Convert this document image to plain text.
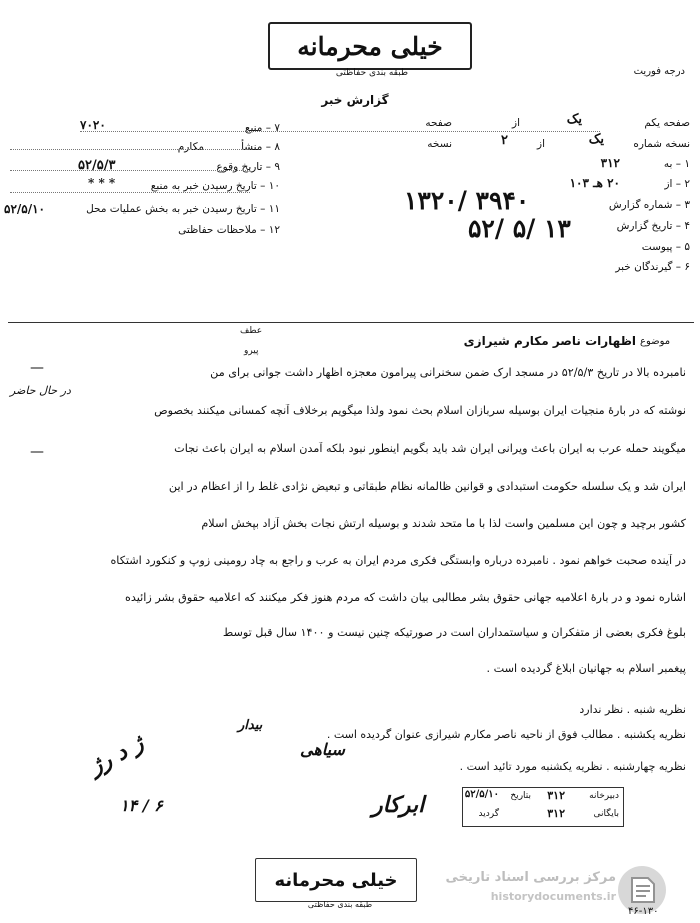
خیلی محرمانه
طبقه بندی حفاظتی	درجه فوریت
گزارش خبر
صفحه یکم
یک
از
صفحه
نسخه شماره
یک
از
۲
نسخه
۱ – به
۳۱۲
۲ – از
۲۰ هـ ۱۰۳
۳ – شماره گزارش
۴ – تاریخ گزارش
۵ – پیوست
۶ – گیرندگان خبر
۱۳۲۰/ ۳۹۴۰
۵۲/ ۵/ ۱۳
۷ – منبع
۷۰۲۰
۸ – منشأ
مکارم
۹ – تاریخ وقوع
۵۲/۵/۳
۱۰ – تاریخ رسیدن خبر به منبع
* * *
۱۱ – تاریخ رسیدن خبر به بخش عملیات محل
۵۲/۵/۱۰
۱۲ – ملاحظات حفاظتی
موضوع
اظهارات ناصر مکارم شیرازی
عطف
پیرو
در حال حاضر
—
—
نامبرده بالا در تاریخ ۵۲/۵/۳ در مسجد ارک ضمن سخنرانی پیرامون معجزه اظهار داشت جوانی برای من
نوشته که در بارهٔ منجیات ایران بوسیله سربازان اسلام بحث نمود ولذا میگویم برخلاف آنچه کمسانی میکنند بخصوص
میگویند حمله عرب به ایران باعث ویرانی ایران شد باید بگویم اینطور نبود بلکه آمدن اسلام به ایران باعث نجات
ایران شد و یک سلسله حکومت استبدادی و قوانین ظالمانه نظام طبقاتی و تبعیض نژادی غلط را از اعظام در این
کشور برچید و چون این مسلمین واست لذا با ما متحد شدند و بوسیله ارتش نجات بخش آزاد بپخش اسلام
در آینده صحبت خواهم نمود . نامبرده درباره وابستگی فکری مردم ایران به عرب و راجع به چاد رومینی زوپ و کنکورد اشتکاه
اشاره نمود و در بارهٔ اعلامیه جهانی حقوق بشر مطالبی بیان داشت که مردم هنوز فکر میکنند که اعلامیه حقوق بشر زائیده
بلوغ فکری بعضی از متفکران و سیاستمداران است در صورتیکه چنین نیست و ۱۴۰۰ سال قبل توسط
پیغمبر اسلام به جهانیان ابلاغ گردیده است .
نظریه شنبه . نظر ندارد
نظریه یکشنبه . مطالب فوق از ناحیه ناصر مکارم شیرازی عنوان گردیده است .
نظریه چهارشنبه . نظریه یکشنبه مورد تائید است .
بیدار
ژ د رژ
۱۴ / ۶
سیاهی
ابرکار	دبیرخانه
۳۱۲
بتاریخ
۵۲/۵/۱۰
بایگانی
۳۱۲
گردید
خیلی محرمانه
طبقه بندی حفاظتی
مرکز بررسی اسناد تاریخی
historydocuments.ir
۴۶-۱۳۰
